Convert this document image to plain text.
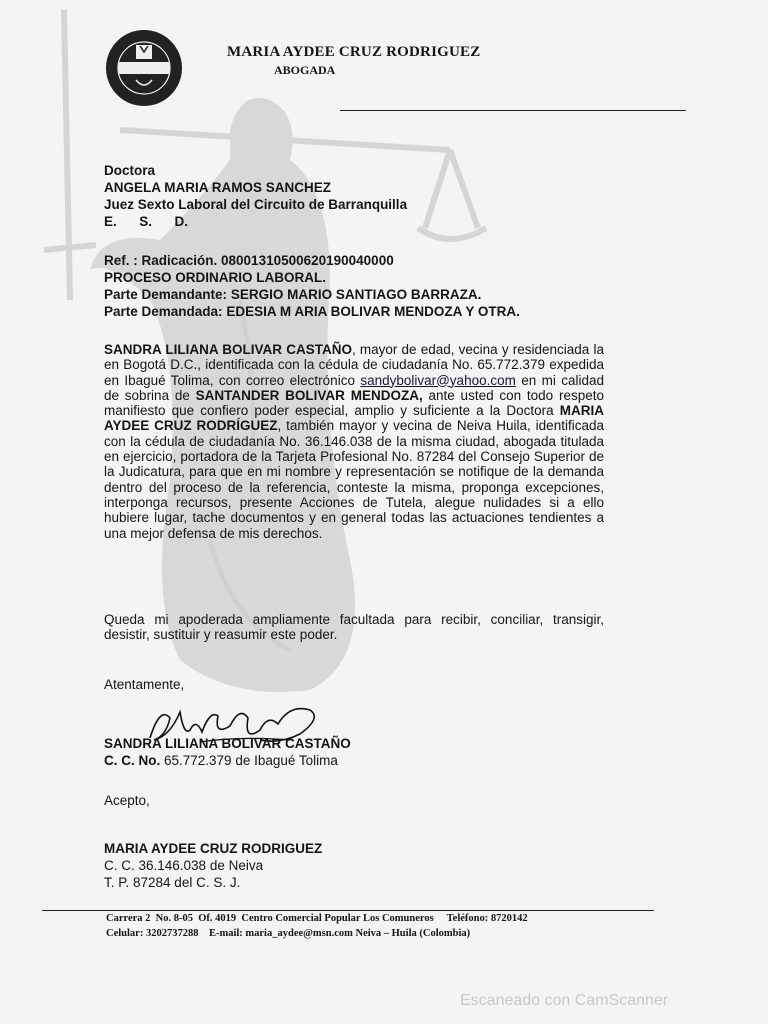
MARIA AYDEE CRUZ RODRIGUEZ
ABOGADA
Doctora
ANGELA MARIA RAMOS SANCHEZ
Juez Sexto Laboral del Circuito de Barranquilla
E.      S.      D.
Ref. : Radicación. 08001310500620190040000
PROCESO ORDINARIO LABORAL.
Parte Demandante: SERGIO MARIO SANTIAGO BARRAZA.
Parte Demandada: EDESIA M ARIA BOLIVAR MENDOZA Y OTRA.
SANDRA LILIANA BOLIVAR CASTAÑO, mayor de edad, vecina y residenciada la en Bogotá D.C., identificada con la cédula de ciudadanía No. 65.772.379 expedida en Ibagué Tolima, con correo electrónico sandybolivar@yahoo.com en mi calidad de sobrina de SANTANDER BOLIVAR MENDOZA, ante usted con todo respeto manifiesto que confiero poder especial, amplio y suficiente a la Doctora MARIA AYDEE CRUZ RODRÍGUEZ, también mayor y vecina de Neiva Huila, identificada con la cédula de ciudadanía No. 36.146.038 de la misma ciudad, abogada titulada en ejercicio, portadora de la Tarjeta Profesional No. 87284 del Consejo Superior de la Judicatura, para que en mi nombre y representación se notifique de la demanda dentro del proceso de la referencia, conteste la misma, proponga excepciones, interponga recursos, presente Acciones de Tutela, alegue nulidades si a ello hubiere lugar, tache documentos y en general todas las actuaciones tendientes a una mejor defensa de mis derechos.
Queda mi apoderada ampliamente facultada para recibir, conciliar, transigir, desistir, sustituir y reasumir este poder.
Atentamente,
SANDRA LILIANA BOLIVAR CASTAÑO
C. C. No. 65.772.379 de Ibagué Tolima
Acepto,
MARIA AYDEE CRUZ RODRIGUEZ
C. C. 36.146.038 de Neiva
T. P. 87284 del C. S. J.
Carrera 2  No. 8-05  Of. 4019  Centro Comercial Popular Los Comuneros     Teléfono: 8720142
Celular: 3202737288    E-mail: maria_aydee@msn.com Neiva – Huila (Colombia)
Escaneado con CamScanner
